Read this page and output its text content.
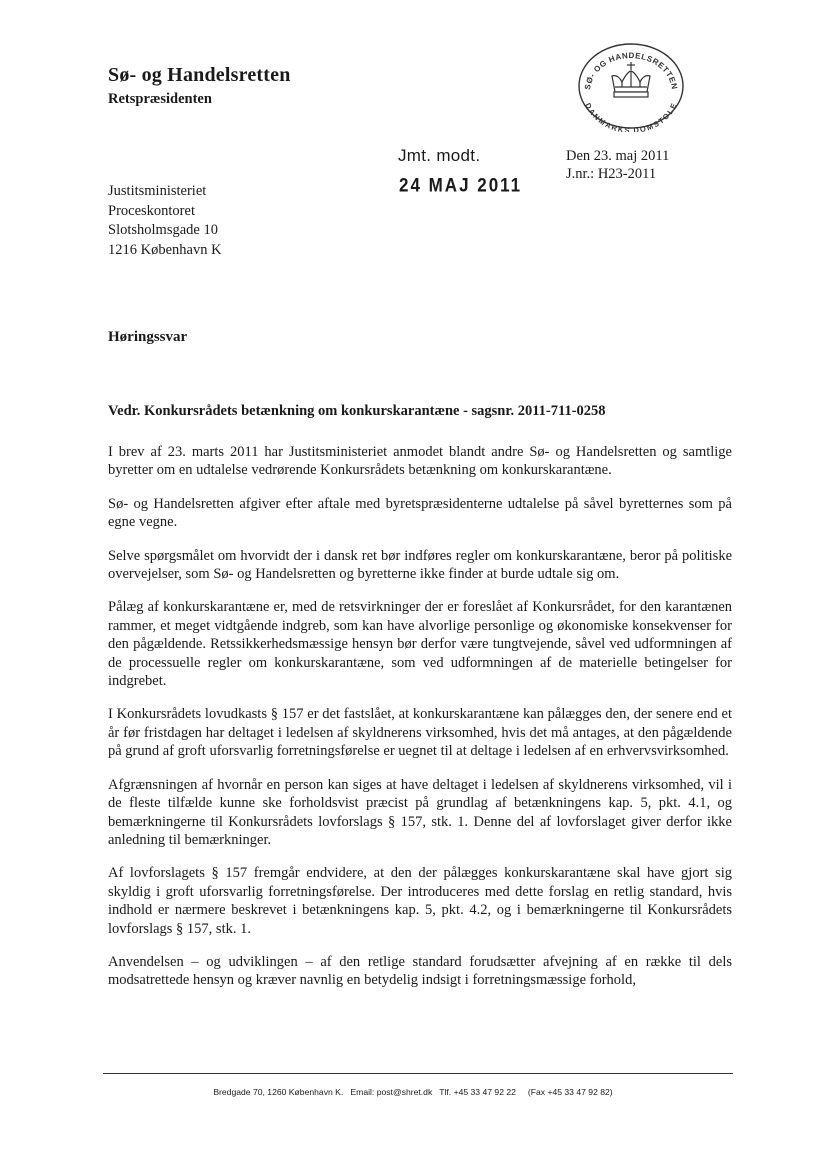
Sø- og Handelsretten
Retspræsidenten
SØ- OG HANDELSRETTEN
DANMARKS DOMSTOLE
Jmt. modt.
24 MAJ 2011
Den 23. maj 2011
J.nr.: H23-2011
Justitsministeriet
Proceskontoret
Slotsholmsgade 10
1216 København K
Høringssvar
Vedr. Konkursrådets betænkning om konkurskarantæne - sagsnr. 2011-711-0258

I brev af 23. marts 2011 har Justitsministeriet anmodet blandt andre Sø- og Handelsretten og samtlige byretter om en udtalelse vedrørende Konkursrådets betænkning om konkurskarantæne.

Sø- og Handelsretten afgiver efter aftale med byretspræsidenterne udtalelse på såvel byretternes som på egne vegne.

Selve spørgsmålet om hvorvidt der i dansk ret bør indføres regler om konkurskarantæne, beror på politiske overvejelser, som Sø- og Handelsretten og byretterne ikke finder at burde udtale sig om.

Pålæg af konkurskarantæne er, med de retsvirkninger der er foreslået af Konkursrådet, for den karantænen rammer, et meget vidtgående indgreb, som kan have alvorlige personlige og økonomiske konsekvenser for den pågældende. Retssikkerhedsmæssige hensyn bør derfor være tungtvejende, såvel ved udformningen af de processuelle regler om konkurskarantæne, som ved udformningen af de materielle betingelser for indgrebet.

I Konkursrådets lovudkasts § 157 er det fastslået, at konkurskarantæne kan pålægges den, der senere end et år før fristdagen har deltaget i ledelsen af skyldnerens virksomhed, hvis det må antages, at den pågældende på grund af groft uforsvarlig forretningsførelse er uegnet til at deltage i ledelsen af en erhvervsvirksomhed.

Afgrænsningen af hvornår en person kan siges at have deltaget i ledelsen af skyldnerens virksomhed, vil i de fleste tilfælde kunne ske forholdsvist præcist på grundlag af betænkningens kap. 5, pkt. 4.1, og bemærkningerne til Konkursrådets lovforslags § 157, stk. 1. Denne del af lovforslaget giver derfor ikke anledning til bemærkninger.

Af lovforslagets § 157 fremgår endvidere, at den der pålægges konkurskarantæne skal have gjort sig skyldig i groft uforsvarlig forretningsførelse. Der introduceres med dette forslag en retlig standard, hvis indhold er nærmere beskrevet i betænkningens kap. 5, pkt. 4.2, og i bemærkningerne til Konkursrådets lovforslags § 157, stk. 1.

Anvendelsen – og udviklingen – af den retlige standard forudsætter afvejning af en række til dels modsatrettede hensyn og kræver navnlig en betydelig indsigt i forretningsmæssige forhold,

Bredgade 70, 1260 København K.   Email: post@shret.dk   Tlf. +45 33 47 92 22     (Fax +45 33 47 92 82)
